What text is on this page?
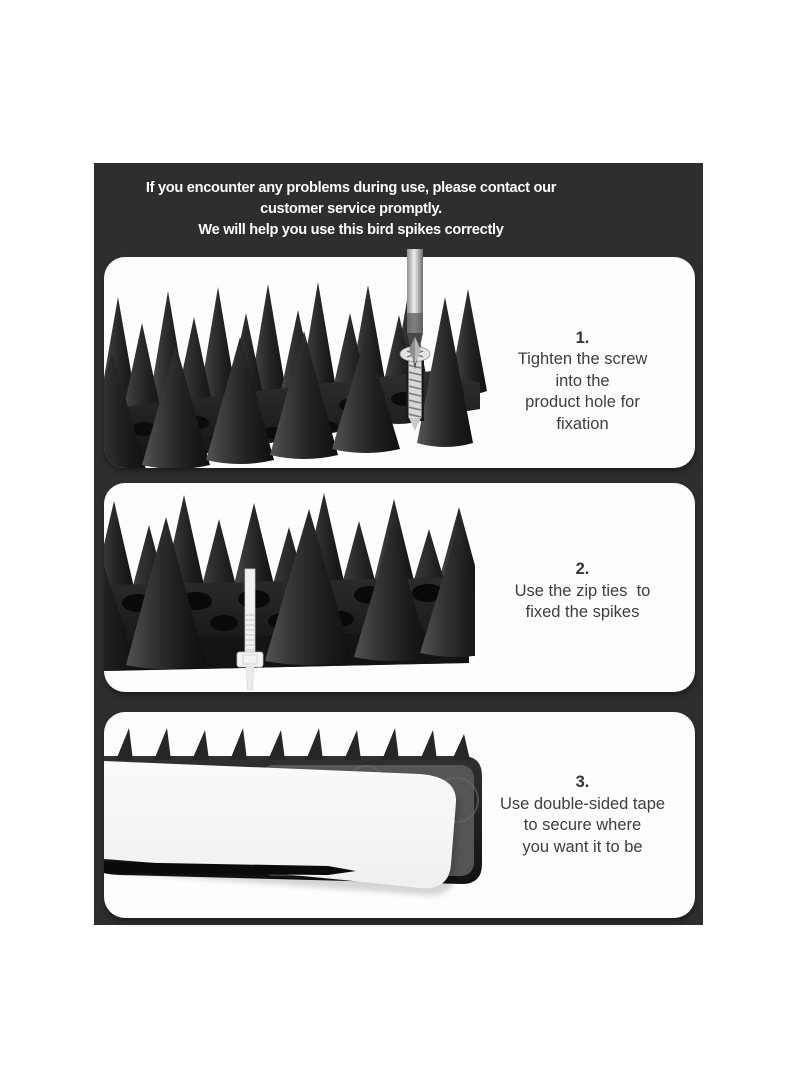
If you encounter any problems during use, please contact our
customer service promptly.
We will help you use this bird spikes correctly
1.
Tighten the screw
into the
product hole for
fixation
2.
Use the zip ties  to
fixed the spikes
3.
Use double-sided tape
to secure where
you want it to be
